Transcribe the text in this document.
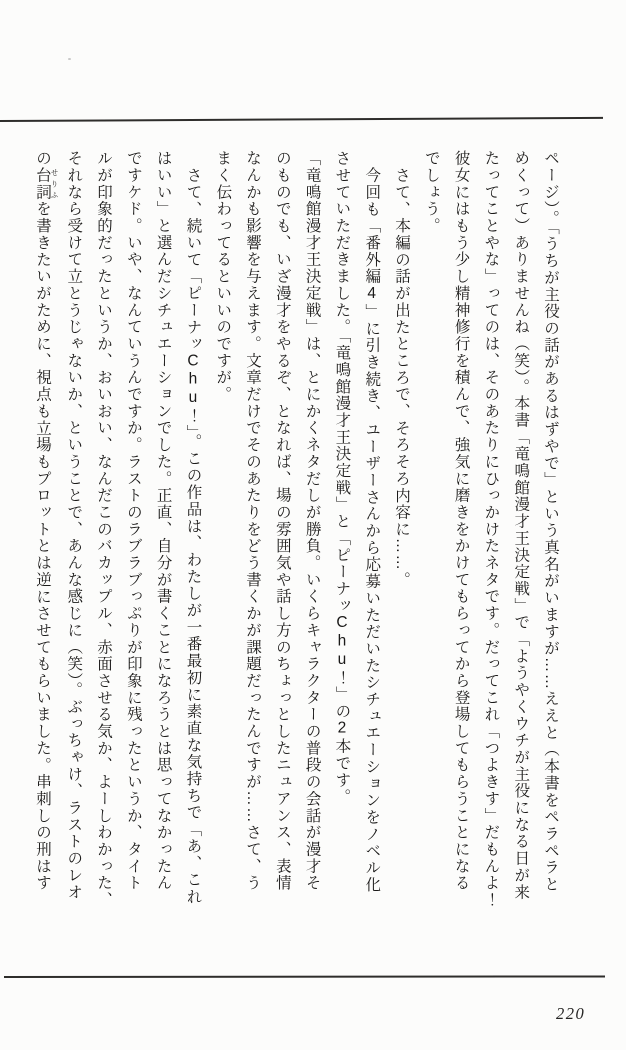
ページ）。「うちが主役の話があるはずやで」という真名がいますが……ええと（本書をペラペラと
めくって）ありませんね（笑）。本書「竜鳴館漫才王決定戦」で「ようやくウチが主役になる日が来
たってことやな」ってのは、そのあたりにひっかけたネタです。だってこれ「つよきす」だもんよ！
彼女にはもう少し精神修行を積んで、強気に磨きをかけてもらってから登場してもらうことになる
でしょう。
さて、本編の話が出たところで、そろそろ内容に……。
今回も「番外編4」に引き続き、ユーザーさんから応募いただいたシチュエーションをノベル化
させていただきました。「竜鳴館漫才王決定戦」と「ピーナッChu！」の2本です。
「竜鳴館漫才王決定戦」は、とにかくネタだしが勝負。いくらキャラクターの普段の会話が漫才そ
のものでも、いざ漫才をやるぞ、となれば、場の雰囲気や話し方のちょっとしたニュアンス、表情
なんかも影響を与えます。文章だけでそのあたりをどう書くかが課題だったんですが……さて、う
まく伝わってるといいのですが。
さて、続いて「ピーナッChu！」。この作品は、わたしが一番最初に素直な気持ちで「あ、これ
はいい」と選んだシチュエーションでした。正直、自分が書くことになろうとは思ってなかったん
ですケド。いや、なんていうんですか。ラストのラブラブっぷりが印象に残ったというか、タイト
ルが印象的だったというか、おいおい、なんだこのバカップル、赤面させる気か、よーしわかった、
それなら受けて立とうじゃないか、ということで、あんな感じに（笑）。ぶっちゃけ、ラストのレオ
の台詞 せりふを書きたいがために、視点も立場もプロットとは逆にさせてもらいました。串刺しの刑はす
220
